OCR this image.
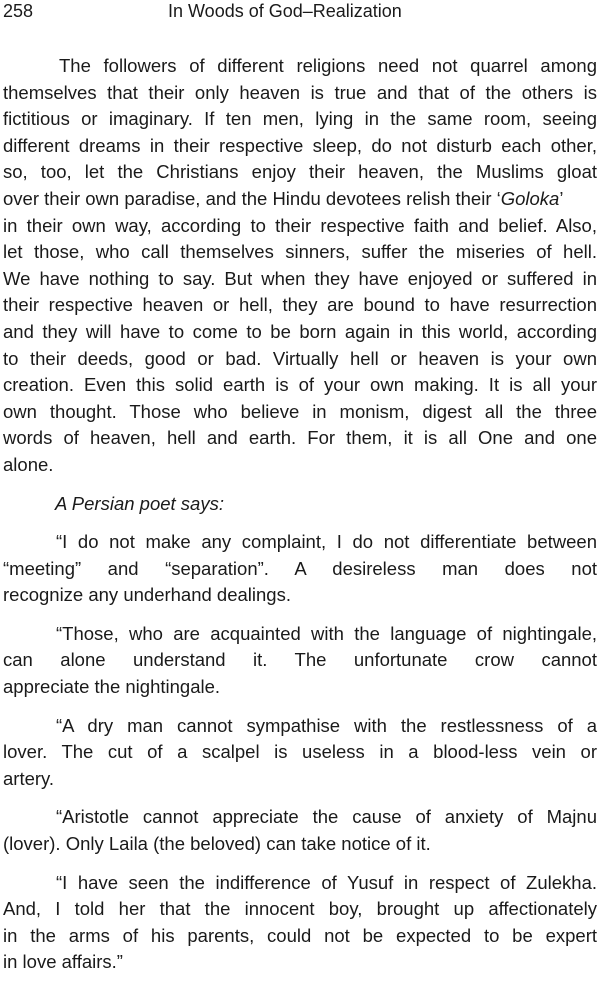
258	In Woods of God–Realization
The followers of different religions need not quarrel among
themselves that their only heaven is true and that of the others is
fictitious or imaginary. If ten men, lying in the same room, seeing
different dreams in their respective sleep, do not disturb each other,
so, too, let the Christians enjoy their heaven, the Muslims gloat
over their own paradise, and the Hindu devotees relish their ‘Goloka’
in their own way, according to their respective faith and belief. Also,
let those, who call themselves sinners, suffer the miseries of hell.
We have nothing to say. But when they have enjoyed or suffered in
their respective heaven or hell, they are bound to have resurrection
and they will have to come to be born again in this world, according
to their deeds, good or bad. Virtually hell or heaven is your own
creation. Even this solid earth is of your own making. It is all your
own thought. Those who believe in monism, digest all the three
words of heaven, hell and earth. For them, it is all One and one
alone.
A Persian poet says:
“I do not make any complaint, I do not differentiate between
“meeting” and “separation”. A desireless man does not
recognize any underhand dealings.
“Those, who are acquainted with the language of nightingale,
can alone understand it. The unfortunate crow cannot
appreciate the nightingale.
“A dry man cannot sympathise with the restlessness of a
lover. The cut of a scalpel is useless in a blood-less vein or
artery.
“Aristotle cannot appreciate the cause of anxiety of Majnu
(lover). Only Laila (the beloved) can take notice of it.
“I have seen the indifference of Yusuf in respect of Zulekha.
And, I told her that the innocent boy, brought up affectionately
in the arms of his parents, could not be expected to be expert
in love affairs.”
